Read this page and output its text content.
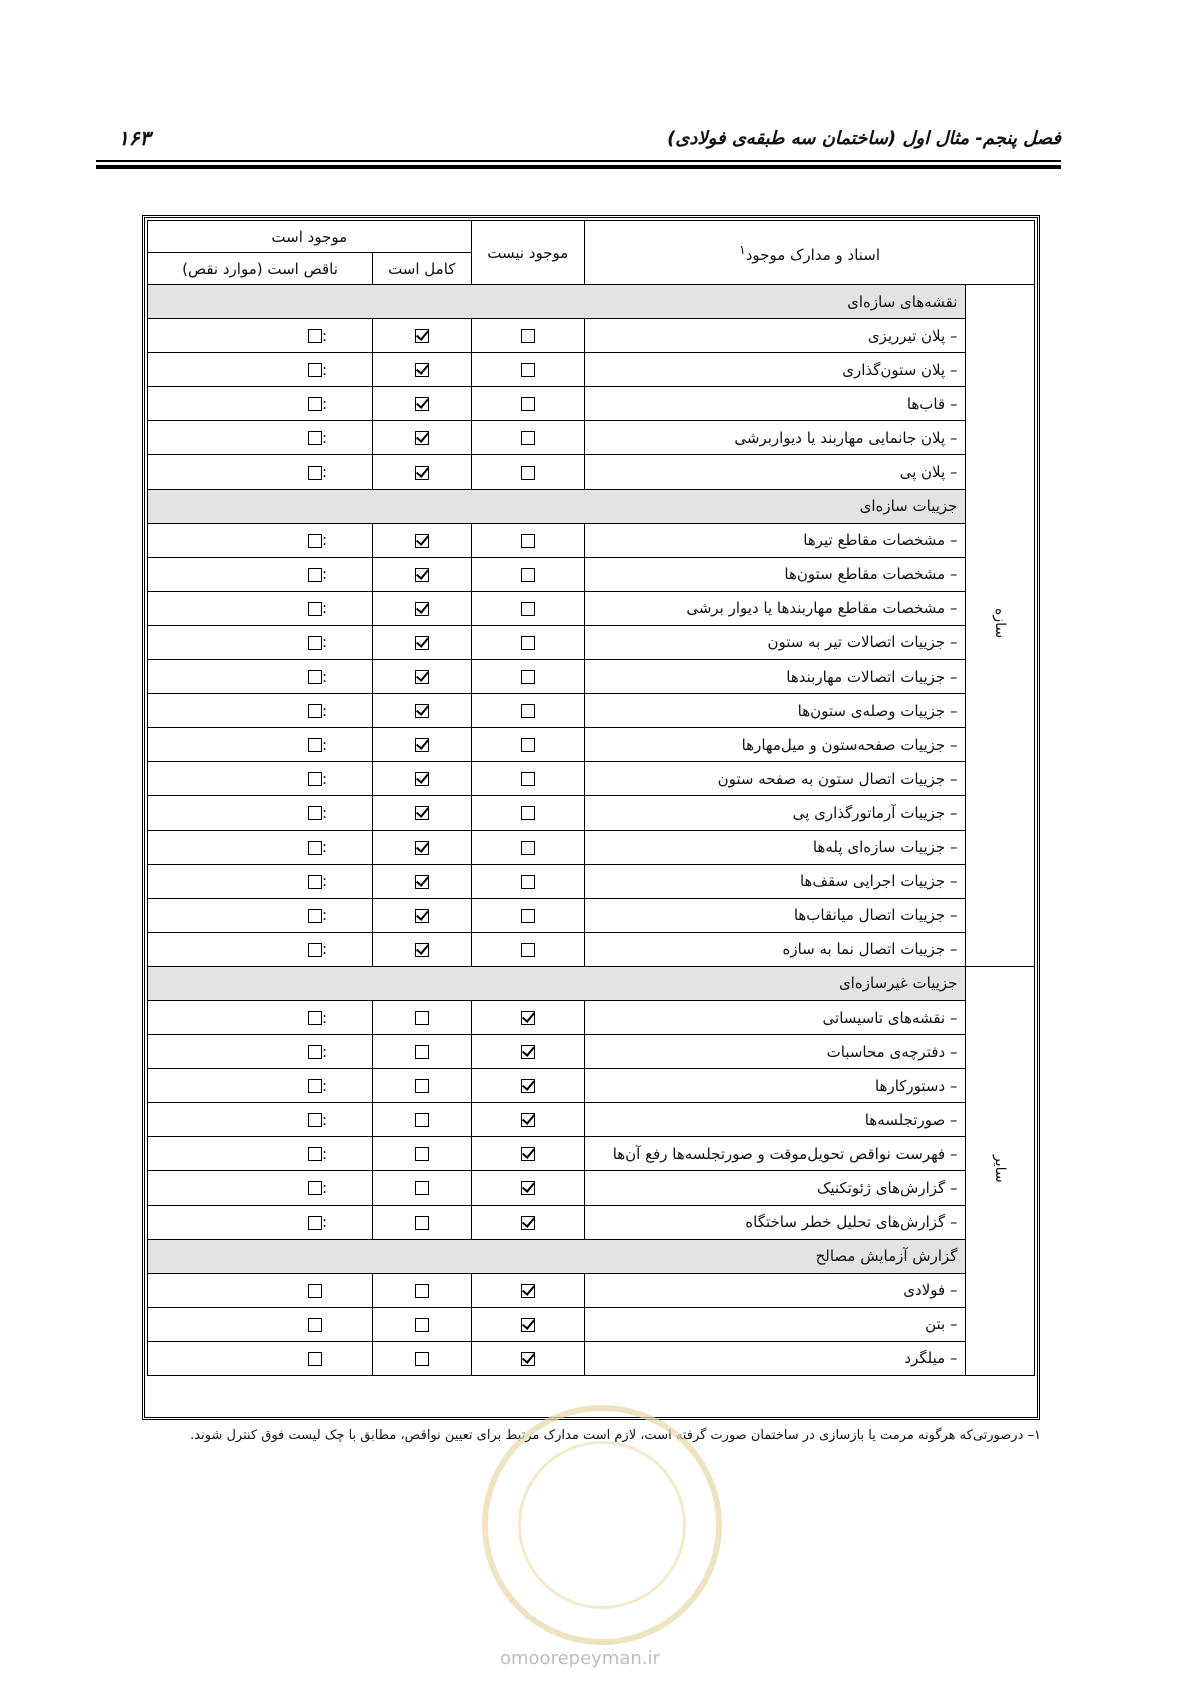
فصل پنجم- مثال اول (ساختمان سه طبقه‌ی فولادی)
۱۶۳
اسناد و مدارک موجود$^۱$		موجود نیست	موجود است	
			کامل است	ناقص است (موارد نقص)
سازه	نقشه‌های سازه‌ای			
	– پلان تیرریزی			:
	– پلان ستون‌گذاری			:
	– قاب‌ها			:
	– پلان جانمایی مهاربند یا دیواربرشی			:
	– پلان پی			:
	جزییات سازه‌ای			
	– مشخصات مقاطع تیرها			:
	– مشخصات مقاطع ستون‌ها			:
	– مشخصات مقاطع مهاربندها یا دیوار برشی			:
	– جزییات اتصالات تیر به ستون			:
	– جزییات اتصالات مهاربندها			:
	– جزییات وصله‌ی ستون‌ها			:
	– جزییات صفحه‌ستون و میل‌مهارها			:
	– جزییات اتصال ستون به صفحه ستون			:
	– جزییات آرماتورگذاری پی			:
	– جزییات سازه‌ای پله‌ها			:
	– جزییات اجرایی سقف‌ها			:
	– جزییات اتصال میانقاب‌ها			:
	– جزییات اتصال نما به سازه			:
سایر	جزییات غیرسازه‌ای			
	– نقشه‌های تاسیساتی			:
	– دفترچه‌ی محاسبات			:
	– دستورکارها			:
	– صورتجلسه‌ها			:
	– فهرست نواقص تحویل‌موقت و صورتجلسه‌ها رفع آن‌ها			:
	– گزارش‌های ژئوتکنیک			:
	– گزارش‌های تحلیل خطر ساختگاه			:
	گزارش آزمایش مصالح			
	– فولادی			
	– بتن			
	– میلگرد			
۱– درصورتی‌که هرگونه مرمت یا بازسازی در ساختمان صورت گرفته است، لازم است مدارک مرتبط برای تعیین نواقص، مطابق با چک لیست فوق کنترل شوند.
omoorepeyman.ir
